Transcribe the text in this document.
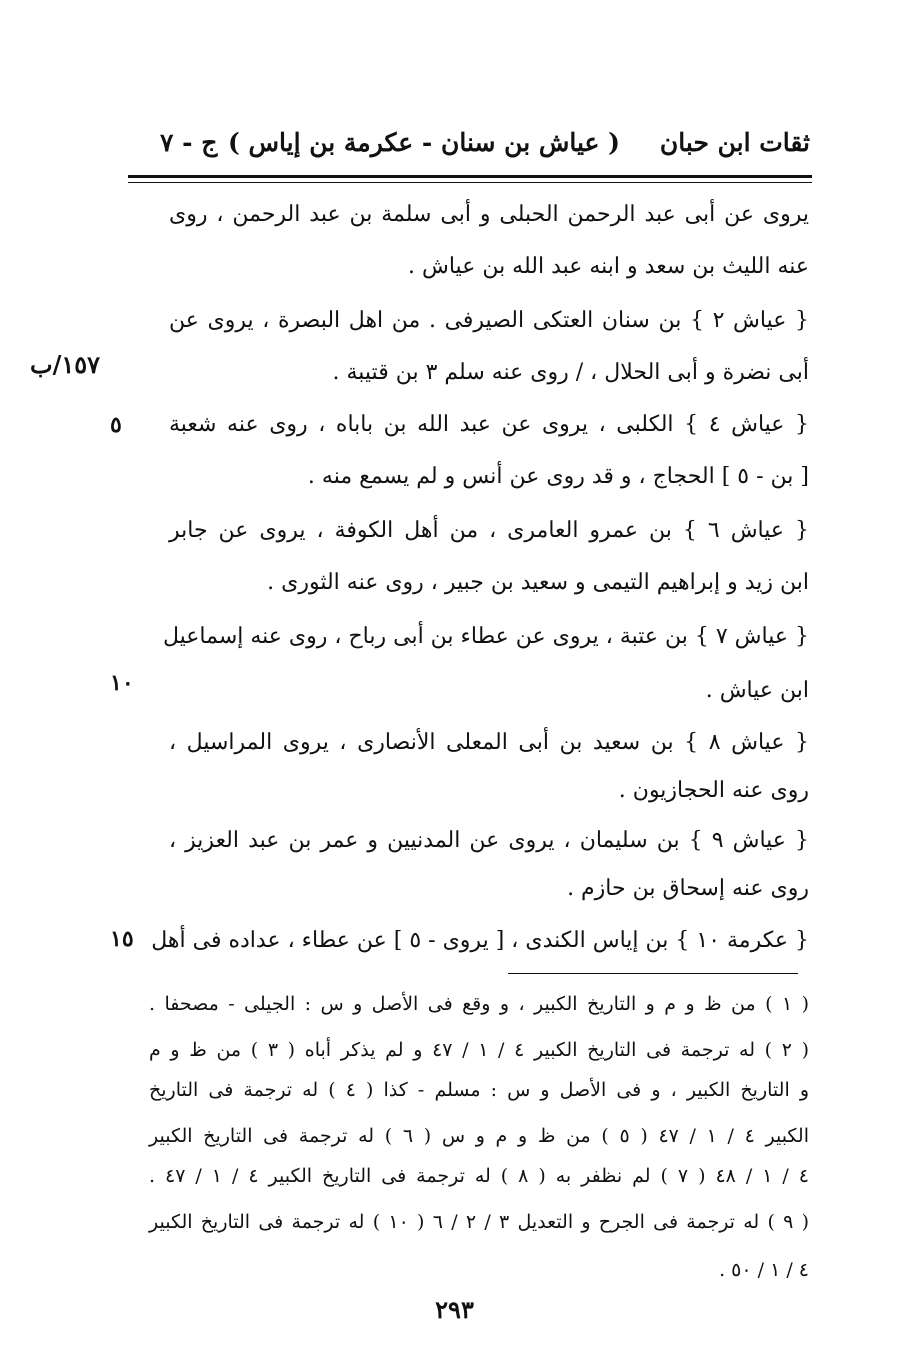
ثقات ابن حبان
( عياش بن سنان - عكرمة بن إياس )
ج - ٧
يروى عن أبى عبد الرحمن الحبلى و أبى سلمة بن عبد الرحمن ، روى
عنه الليث بن سعد و ابنه عبد الله بن عياش .
{ عياش ٢ } بن سنان العتكى الصيرفى . من اهل البصرة ، يروى عن
أبى نضرة و أبى الحلال ، / روى عنه سلم ٣ بن قتيبة .
١٥٧/ب
{ عياش ٤ } الكلبى ، يروى عن عبد الله بن باباه ، روى عنه شعبة
٥
[ بن - ٥ ] الحجاج ، و قد روى عن أنس و لم يسمع منه .
{ عياش ٦ } بن عمرو العامرى ، من أهل الكوفة ، يروى عن جابر
ابن زيد و إبراهيم التيمى و سعيد بن جبير ، روى عنه الثورى .
{ عياش ٧ } بن عتبة ، يروى عن عطاء بن أبى رباح ، روى عنه إسماعيل
ابن عياش .
١٠
{ عياش ٨ } بن سعيد بن أبى المعلى الأنصارى ، يروى المراسيل ،
روى عنه الحجازيون .
{ عياش ٩ } بن سليمان ، يروى عن المدنيين و عمر بن عبد العزيز ،
روى عنه إسحاق بن حازم .
{ عكرمة ١٠ } بن إياس الكندى ، [ يروى - ٥ ] عن عطاء ، عداده فى أهل
١٥
( ١ ) من ظ و م و التاريخ الكبير ، و وقع فى الأصل و س : الجيلى - مصحفا .
( ٢ ) له ترجمة فى التاريخ الكبير ٤ / ١ / ٤٧ و لم يذكر أباه ( ٣ ) من ظ و م
و التاريخ الكبير ، و فى الأصل و س : مسلم - كذا ( ٤ ) له ترجمة فى التاريخ
الكبير ٤ / ١ / ٤٧ ( ٥ ) من ظ و م و س ( ٦ ) له ترجمة فى التاريخ الكبير
٤ / ١ / ٤٨ ( ٧ ) لم نظفر به ( ٨ ) له ترجمة فى التاريخ الكبير ٤ / ١ / ٤٧ .
( ٩ ) له ترجمة فى الجرح و التعديل ٣ / ٢ / ٦ ( ١٠ ) له ترجمة فى التاريخ الكبير
٤ / ١ / ٥٠ .
٢٩٣
